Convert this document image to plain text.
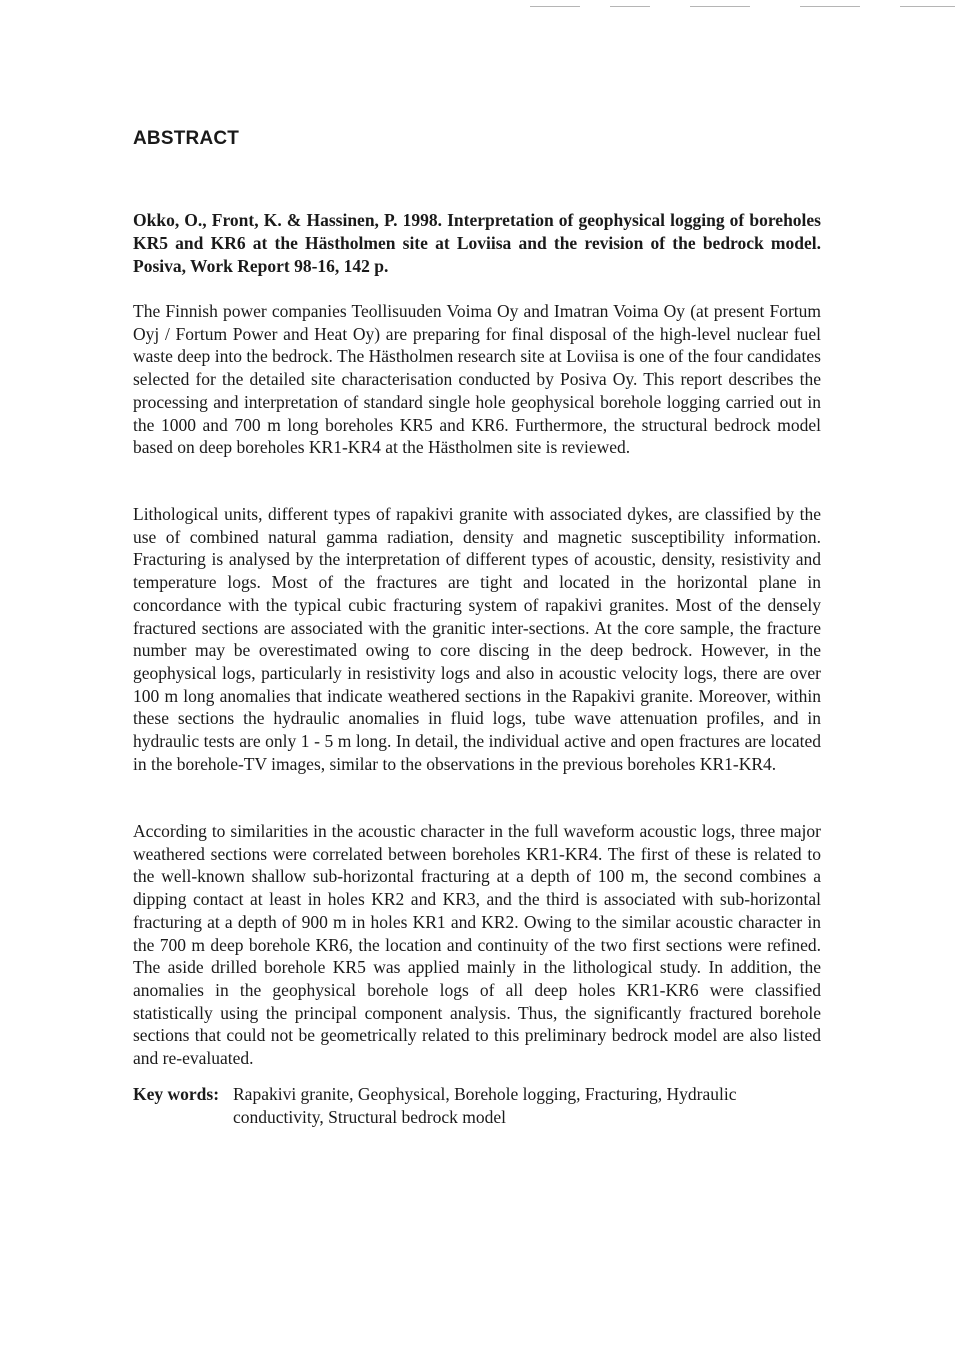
ABSTRACT

Okko, O., Front, K. & Hassinen, P. 1998. Interpretation of geophysical logging of boreholes KR5 and KR6 at the Hästholmen site at Loviisa and the revision of the bedrock model. Posiva, Work Report 98-16, 142 p.

The Finnish power companies Teollisuuden Voima Oy and Imatran Voima Oy (at present Fortum Oyj / Fortum Power and Heat Oy) are preparing for final disposal of the high-level nuclear fuel waste deep into the bedrock. The Hästholmen research site at Loviisa is one of the four candidates selected for the detailed site characterisation conducted by Posiva Oy. This report describes the processing and interpretation of standard single hole geophysical borehole logging carried out in the 1000 and 700 m long boreholes KR5 and KR6. Furthermore, the structural bedrock model based on deep boreholes KR1-KR4 at the Hästholmen site is reviewed.

Lithological units, different types of rapakivi granite with associated dykes, are classified by the use of combined natural gamma radiation, density and magnetic susceptibility information. Fracturing is analysed by the interpretation of different types of acoustic, density, resistivity and temperature logs. Most of the fractures are tight and located in the horizontal plane in concordance with the typical cubic fracturing system of rapakivi granites. Most of the densely fractured sections are associated with the granitic inter-sections. At the core sample, the fracture number may be overestimated owing to core discing in the deep bedrock. However, in the geophysical logs, particularly in resistivity logs and also in acoustic velocity logs, there are over 100 m long anomalies that indicate weathered sections in the Rapakivi granite. Moreover, within these sections the hydraulic anomalies in fluid logs, tube wave attenuation profiles, and in hydraulic tests are only 1 - 5 m long. In detail, the individual active and open fractures are located in the borehole-TV images, similar to the observations in the previous boreholes KR1-KR4.

According to similarities in the acoustic character in the full waveform acoustic logs, three major weathered sections were correlated between boreholes KR1-KR4. The first of these is related to the well-known shallow sub-horizontal fracturing at a depth of 100 m, the second combines a dipping contact at least in holes KR2 and KR3, and the third is associated with sub-horizontal fracturing at a depth of 900 m in holes KR1 and KR2. Owing to the similar acoustic character in the 700 m deep borehole KR6, the location and continuity of the two first sections were refined. The aside drilled borehole KR5 was applied mainly in the lithological study. In addition, the anomalies in the geophysical borehole logs of all deep holes KR1-KR6 were classified statistically using the principal component analysis. Thus, the significantly fractured borehole sections that could not be geometrically related to this preliminary bedrock model are also listed and re-evaluated.

Key words: Rapakivi granite, Geophysical, Borehole logging, Fracturing, Hydraulic conductivity, Structural bedrock model
